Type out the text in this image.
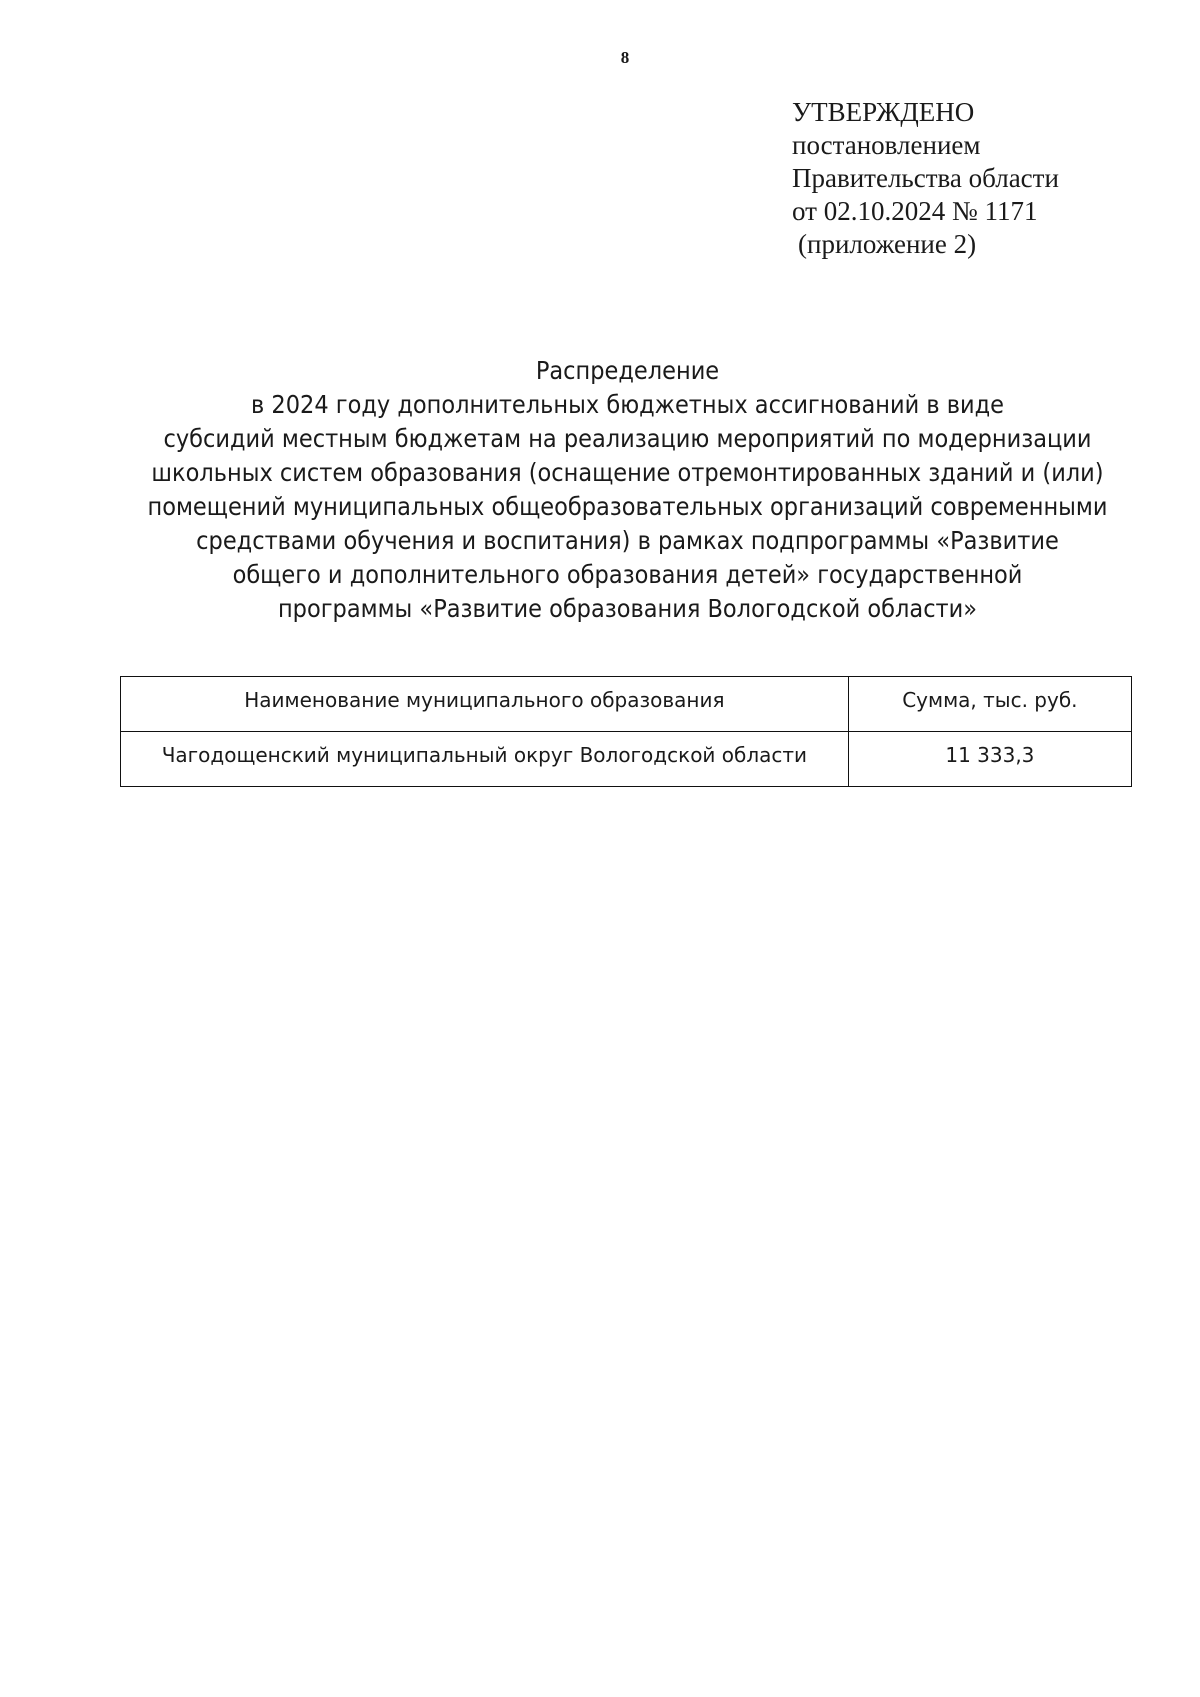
8
УТВЕРЖДЕНО
постановлением
Правительства области
от 02.10.2024 № 1171
(приложение 2)
Распределение
в 2024 году дополнительных бюджетных ассигнований в виде
субсидий местным бюджетам на реализацию мероприятий по модернизации
школьных систем образования (оснащение отремонтированных зданий и (или)
помещений муниципальных общеобразовательных организаций современными
средствами обучения и воспитания) в рамках подпрограммы «Развитие
общего и дополнительного образования детей» государственной
программы «Развитие образования Вологодской области»
Наименование муниципального образования	Сумма, тыс. руб.
Чагодощенский муниципальный округ Вологодской области	11 333,3
